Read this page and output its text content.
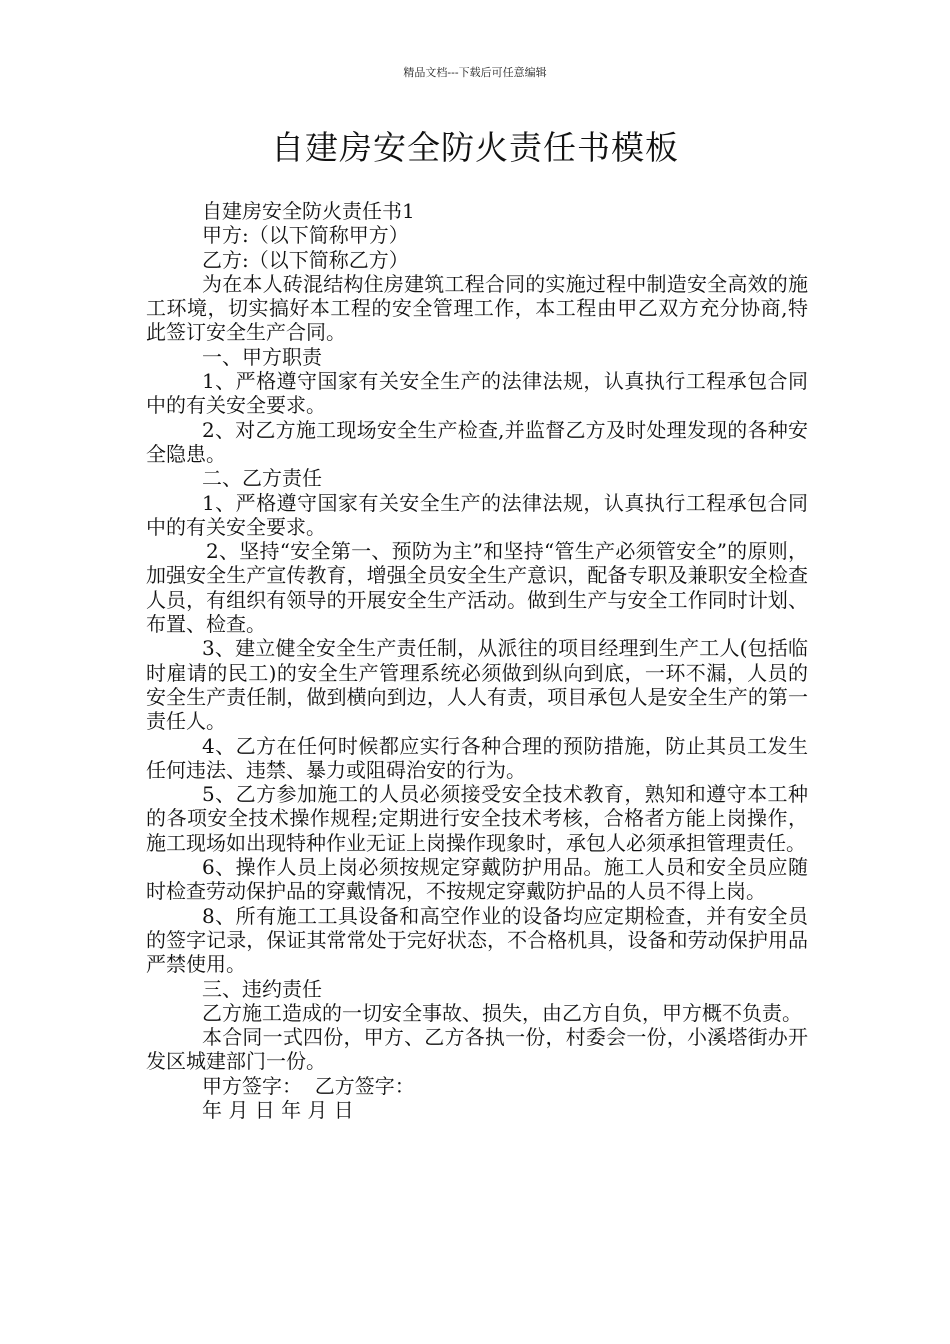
精品文档---下载后可任意编辑
自建房安全防火责任书模板

自建房安全防火责任书1

甲方:（以下简称甲方）

乙方:（以下简称乙方）

为在本人砖混结构住房建筑工程合同的实施过程中制造安全高效的施工环境，切实搞好本工程的安全管理工作，本工程由甲乙双方充分协商,特此签订安全生产合同。

一、甲方职责

1、严格遵守国家有关安全生产的法律法规，认真执行工程承包合同中的有关安全要求。

2、对乙方施工现场安全生产检查,并监督乙方及时处理发现的各种安全隐患。

二、乙方责任

1、严格遵守国家有关安全生产的法律法规，认真执行工程承包合同中的有关安全要求。

2、坚持“安全第一、预防为主”和坚持“管生产必须管安全”的原则，加强安全生产宣传教育，增强全员安全生产意识，配备专职及兼职安全检查人员，有组织有领导的开展安全生产活动。做到生产与安全工作同时计划、布置、检查。

3、建立健全安全生产责任制，从派往的项目经理到生产工人(包括临时雇请的民工)的安全生产管理系统必须做到纵向到底，一环不漏，人员的安全生产责任制，做到横向到边，人人有责，项目承包人是安全生产的第一责任人。

4、乙方在任何时候都应实行各种合理的预防措施，防止其员工发生任何违法、违禁、暴力或阻碍治安的行为。

5、乙方参加施工的人员必须接受安全技术教育，熟知和遵守本工种的各项安全技术操作规程;定期进行安全技术考核，合格者方能上岗操作，施工现场如出现特种作业无证上岗操作现象时，承包人必须承担管理责任。

6、操作人员上岗必须按规定穿戴防护用品。施工人员和安全员应随时检查劳动保护品的穿戴情况，不按规定穿戴防护品的人员不得上岗。

8、所有施工工具设备和高空作业的设备均应定期检查，并有安全员的签字记录，保证其常常处于完好状态，不合格机具，设备和劳动保护用品严禁使用。

三、违约责任

乙方施工造成的一切安全事故、损失，由乙方自负，甲方概不负责。

本合同一式四份，甲方、乙方各执一份，村委会一份，小溪塔街办开发区城建部门一份。

甲方签字：  乙方签字：

年 月 日 年 月 日
